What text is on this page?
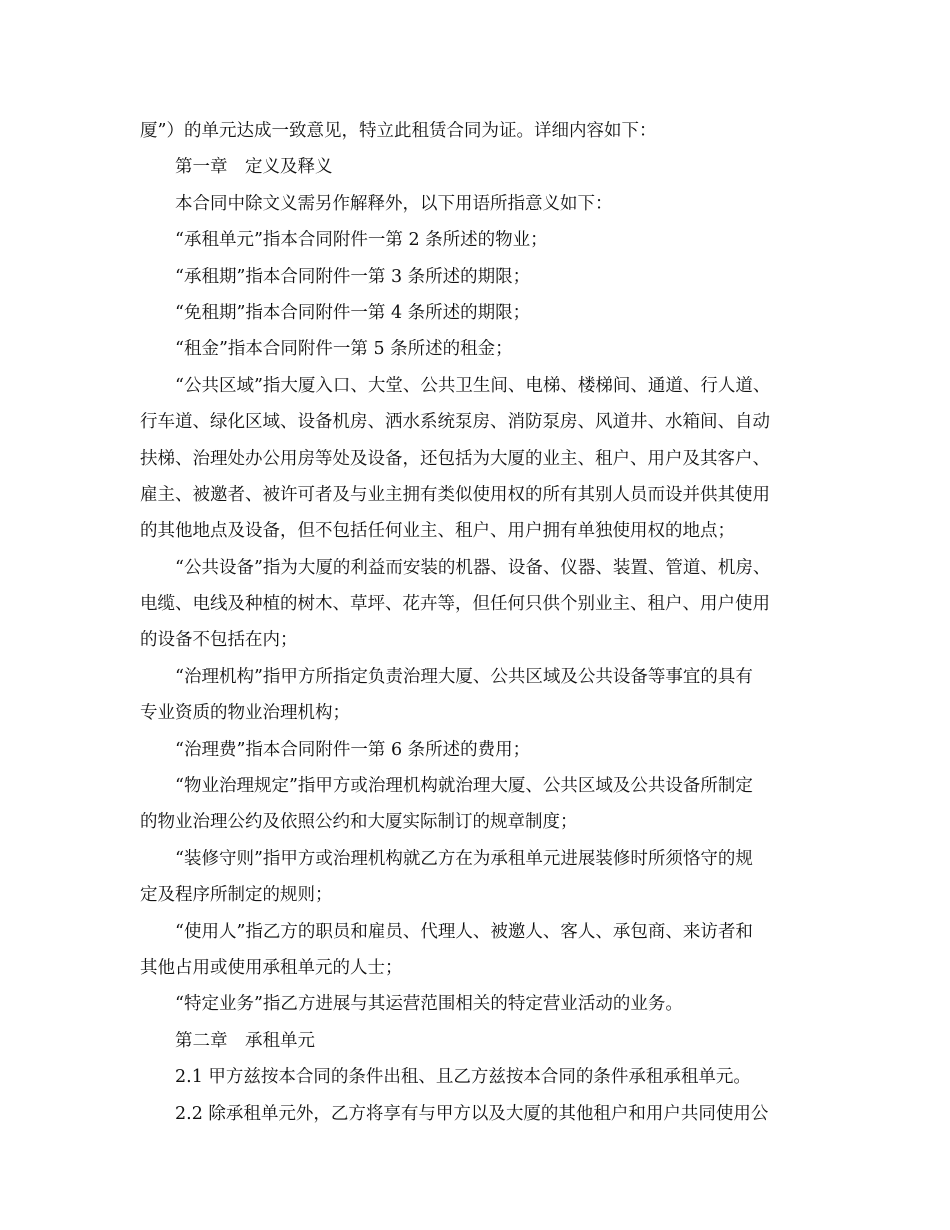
厦”）的单元达成一致意见，特立此租赁合同为证。详细内容如下：
第一章　定义及释义
本合同中除文义需另作解释外，以下用语所指意义如下：
“承租单元”指本合同附件一第 2 条所述的物业；
“承租期”指本合同附件一第 3 条所述的期限；
“免租期”指本合同附件一第 4 条所述的期限；
“租金”指本合同附件一第 5 条所述的租金；
“公共区域”指大厦入口、大堂、公共卫生间、电梯、楼梯间、通道、行人道、
行车道、绿化区域、设备机房、洒水系统泵房、消防泵房、风道井、水箱间、自动
扶梯、治理处办公用房等处及设备，还包括为大厦的业主、租户、用户及其客户、
雇主、被邀者、被许可者及与业主拥有类似使用权的所有其别人员而设并供其使用
的其他地点及设备，但不包括任何业主、租户、用户拥有单独使用权的地点；
“公共设备”指为大厦的利益而安装的机器、设备、仪器、装置、管道、机房、
电缆、电线及种植的树木、草坪、花卉等，但任何只供个别业主、租户、用户使用
的设备不包括在内；
“治理机构”指甲方所指定负责治理大厦、公共区域及公共设备等事宜的具有
专业资质的物业治理机构；
“治理费”指本合同附件一第 6 条所述的费用；
“物业治理规定”指甲方或治理机构就治理大厦、公共区域及公共设备所制定
的物业治理公约及依照公约和大厦实际制订的规章制度；
“装修守则”指甲方或治理机构就乙方在为承租单元进展装修时所须恪守的规
定及程序所制定的规则；
“使用人”指乙方的职员和雇员、代理人、被邀人、客人、承包商、来访者和
其他占用或使用承租单元的人士；
“特定业务”指乙方进展与其运营范围相关的特定营业活动的业务。
第二章　承租单元
2.1 甲方兹按本合同的条件出租、且乙方兹按本合同的条件承租承租单元。
2.2 除承租单元外，乙方将享有与甲方以及大厦的其他租户和用户共同使用公
